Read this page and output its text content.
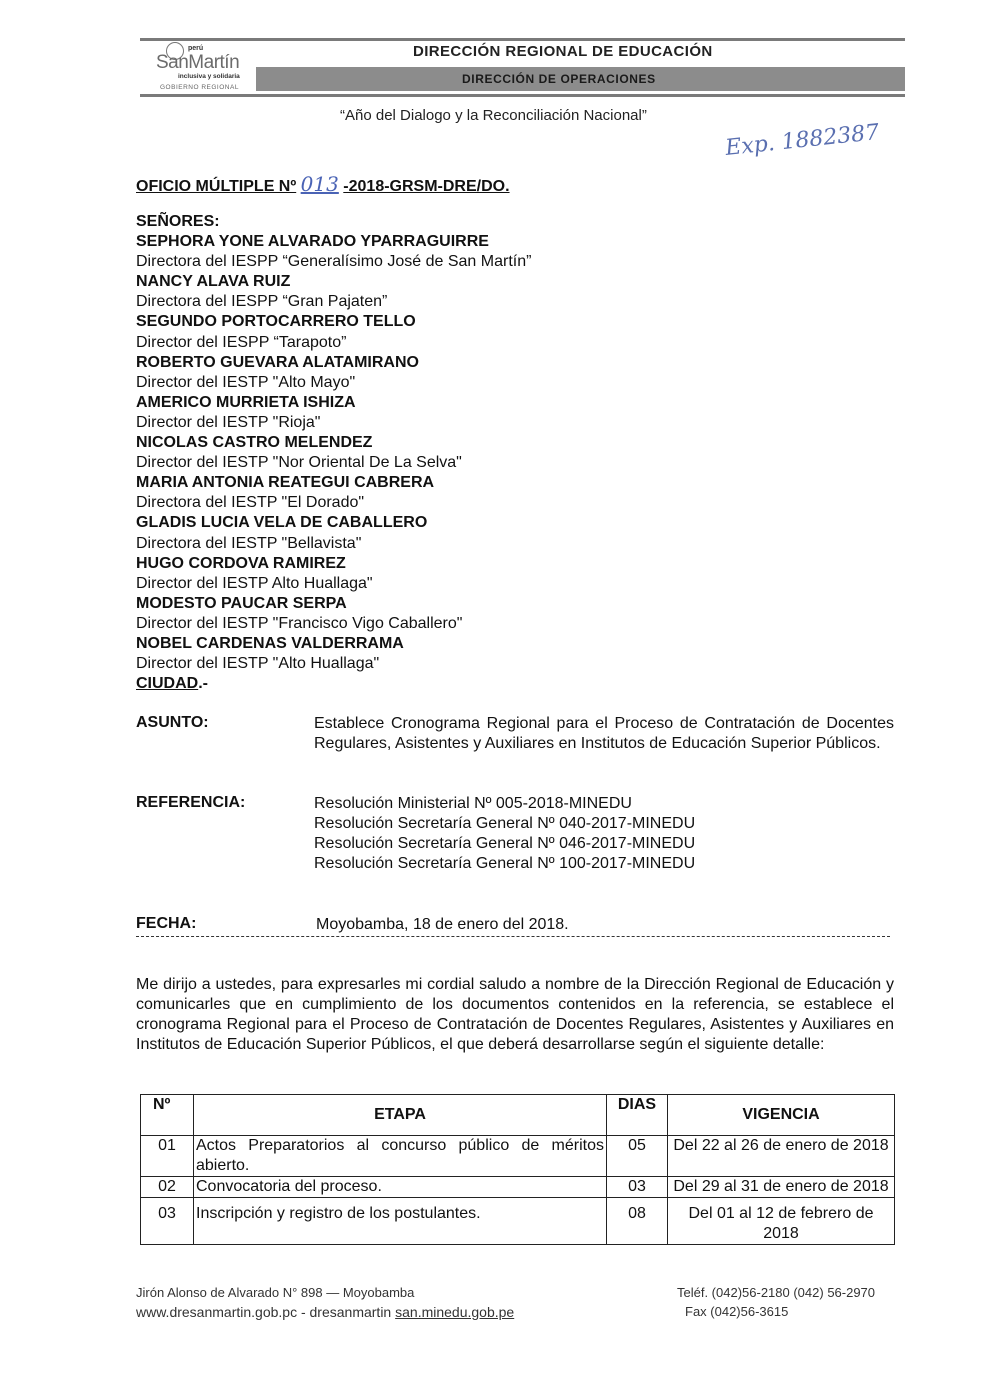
perú
SanMartín
inclusiva y solidaria
GOBIERNO REGIONAL
DIRECCIÓN REGIONAL DE EDUCACIÓN
DIRECCIÓN DE OPERACIONES
“Año del Dialogo y la Reconciliación Nacional”
Exp. 1882387
OFICIO MÚLTIPLE Nº 013 -2018-GRSM-DRE/DO.
SEÑORES:
SEPHORA YONE ALVARADO YPARRAGUIRRE
Directora del IESPP “Generalísimo José de San Martín”
NANCY ALAVA RUIZ
Directora del IESPP “Gran Pajaten”
SEGUNDO PORTOCARRERO TELLO
Director del IESPP “Tarapoto”
ROBERTO GUEVARA ALATAMIRANO
Director del IESTP "Alto Mayo"
AMERICO MURRIETA ISHIZA
Director del IESTP "Rioja"
NICOLAS CASTRO MELENDEZ
Director del IESTP "Nor Oriental De La Selva"
MARIA ANTONIA REATEGUI CABRERA
Directora del IESTP "El Dorado"
GLADIS LUCIA VELA DE CABALLERO
Directora del IESTP "Bellavista"
HUGO CORDOVA RAMIREZ
Director del IESTP Alto Huallaga"
MODESTO PAUCAR SERPA
Director del IESTP "Francisco Vigo Caballero"
NOBEL CARDENAS VALDERRAMA
Director del IESTP "Alto Huallaga"
CIUDAD.-
ASUNTO:	Establece Cronograma Regional para el Proceso de Contratación de Docentes Regulares, Asistentes y Auxiliares en Institutos de Educación Superior Públicos.
REFERENCIA:	Resolución Ministerial Nº 005-2018-MINEDU
Resolución Secretaría General Nº 040-2017-MINEDU
Resolución Secretaría General Nº 046-2017-MINEDU
Resolución Secretaría General Nº 100-2017-MINEDU
FECHA:	Moyobamba, 18 de enero del 2018.
Me dirijo a ustedes, para expresarles mi cordial saludo a nombre de la Dirección Regional de Educación y comunicarles que en cumplimiento de los documentos contenidos en la referencia, se establece el cronograma Regional para el Proceso de Contratación de Docentes Regulares, Asistentes y Auxiliares en Institutos de Educación Superior Públicos, el que deberá desarrollarse según el siguiente detalle:
Nº	ETAPA	DIAS	VIGENCIA
01	Actos Preparatorios al concurso público de méritos abierto.	05	Del 22 al 26 de enero de 2018
02	Convocatoria del proceso.	03	Del 29 al 31 de enero de 2018
03	Inscripción y registro de los postulantes.	08	Del 01 al 12 de febrero de 2018
Jirón Alonso de Alvarado N° 898 — Moyobamba
www.dresanmartin.gob.pc - dresanmartin san.minedu.gob.pe
Teléf. (042)56-2180 (042) 56-2970
Fax (042)56-3615
